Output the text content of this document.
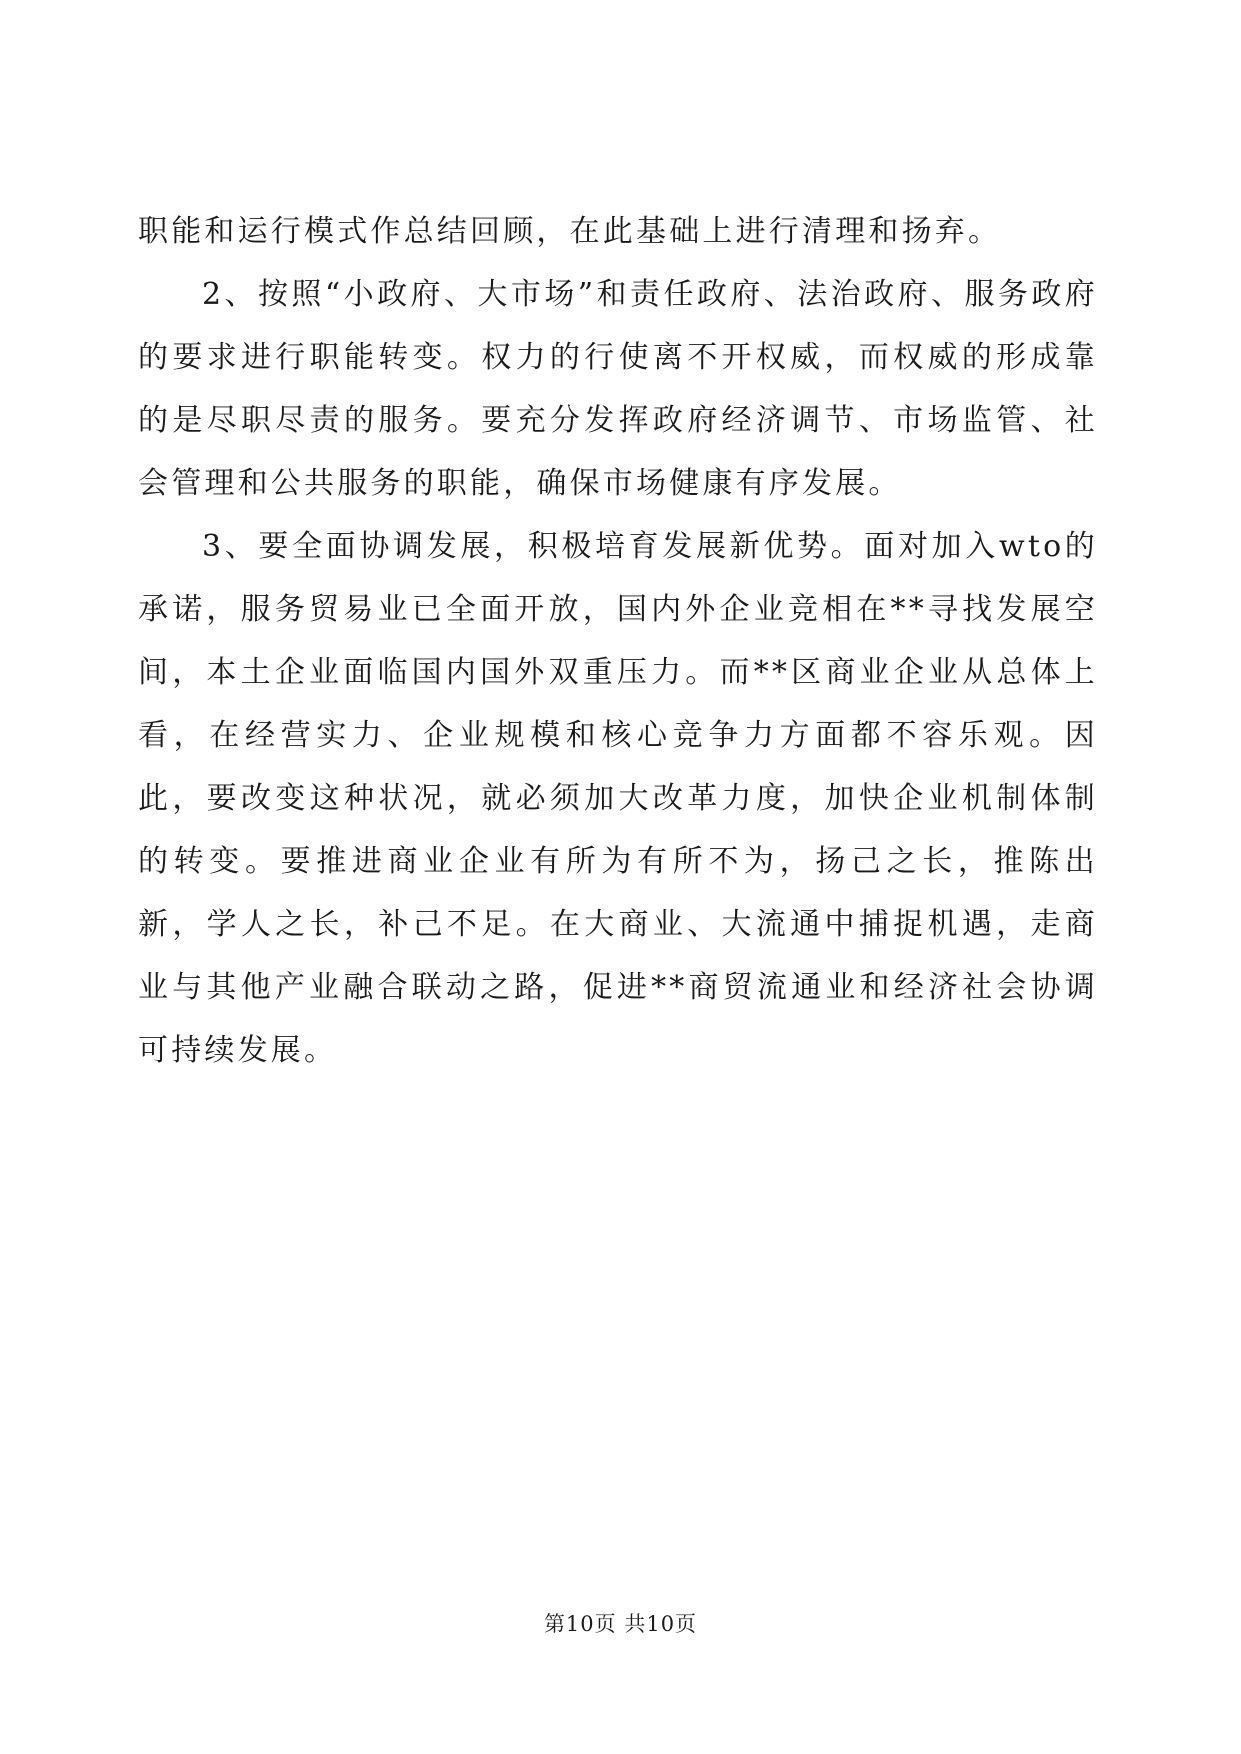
职能和运行模式作总结回顾，在此基础上进行清理和扬弃。

2、按照“小政府、大市场”和责任政府、法治政府、服务政府的要求进行职能转变。权力的行使离不开权威，而权威的形成靠的是尽职尽责的服务。要充分发挥政府经济调节、市场监管、社会管理和公共服务的职能，确保市场健康有序发展。

3、要全面协调发展，积极培育发展新优势。面对加入wto的承诺，服务贸易业已全面开放，国内外企业竞相在**寻找发展空间，本土企业面临国内国外双重压力。而**区商业企业从总体上看，在经营实力、企业规模和核心竞争力方面都不容乐观。因此，要改变这种状况，就必须加大改革力度，加快企业机制体制的转变。要推进商业企业有所为有所不为，扬己之长，推陈出新，学人之长，补己不足。在大商业、大流通中捕捉机遇，走商业与其他产业融合联动之路，促进**商贸流通业和经济社会协调可持续发展。

第10页 共10页
